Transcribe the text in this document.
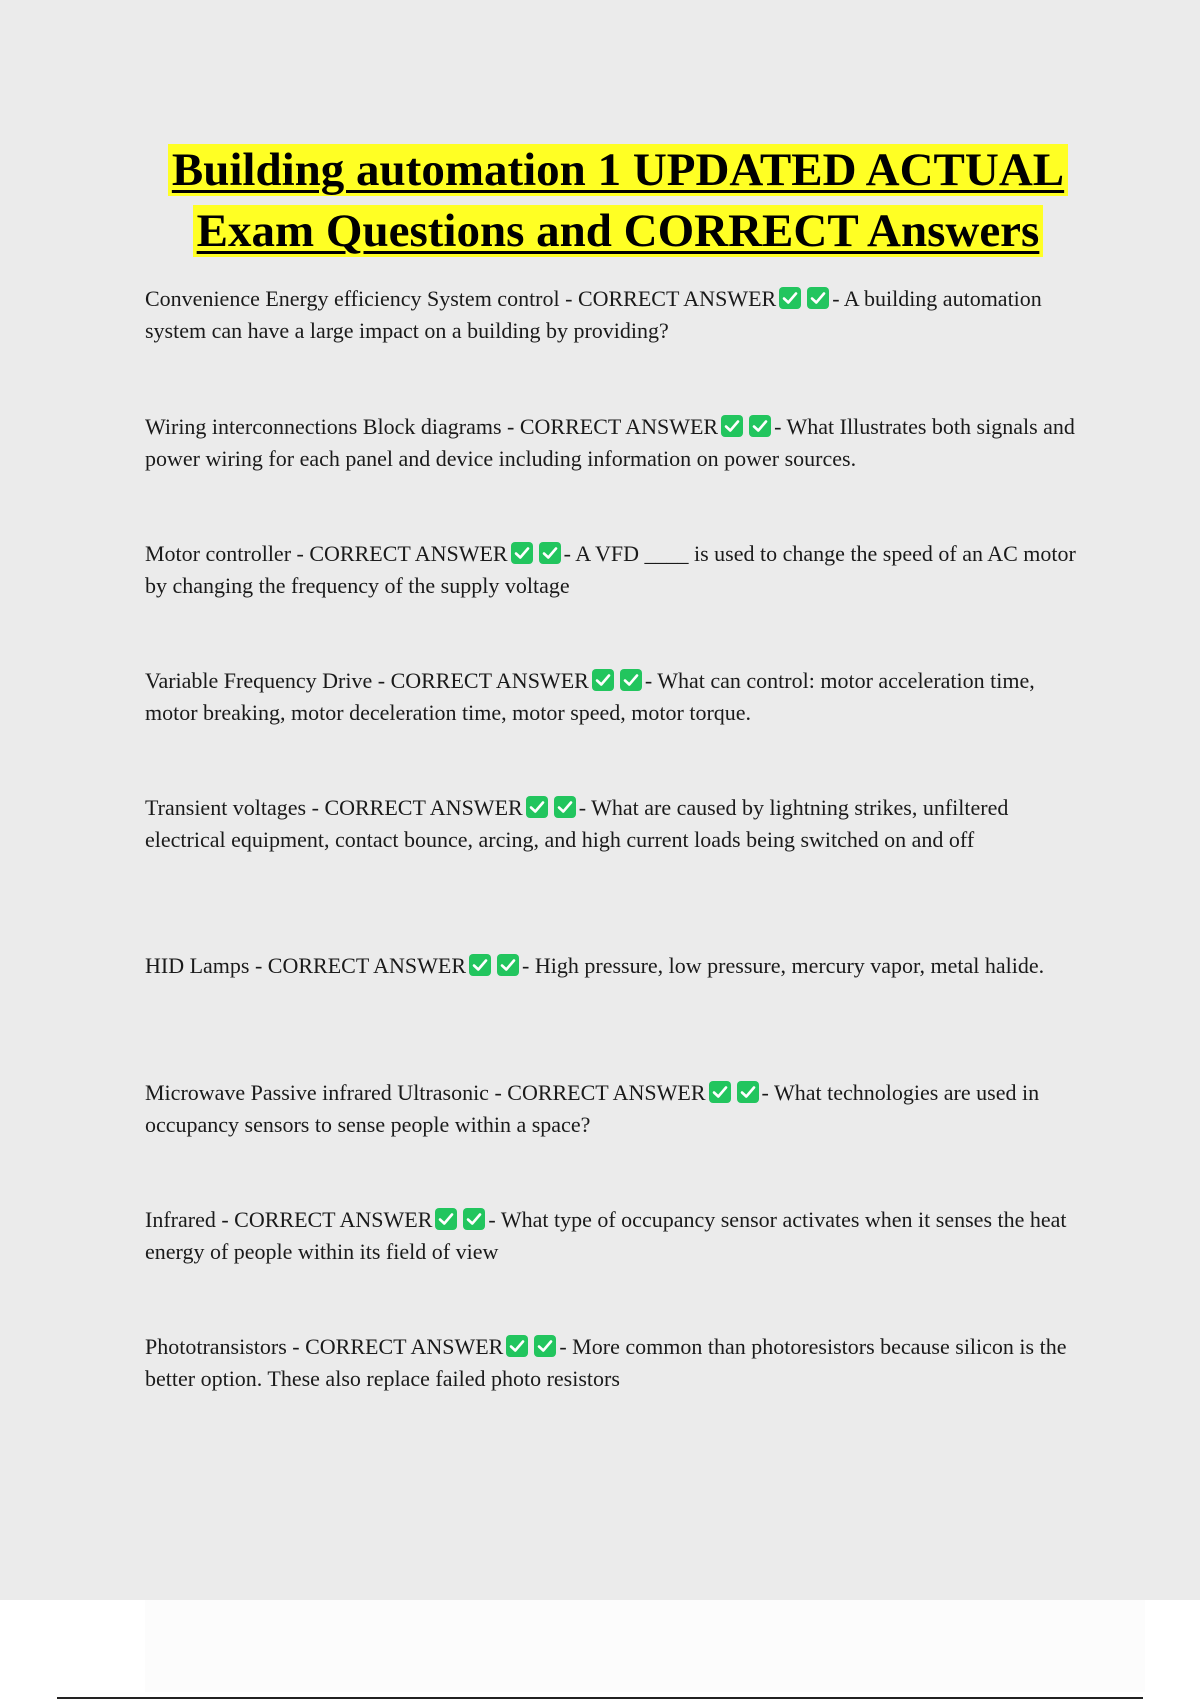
Building automation 1 UPDATED ACTUAL
Exam Questions and CORRECT Answers

Convenience Energy efficiency System control - CORRECT ANSWER	- A building automation system can have a large impact on a building by providing?

Wiring interconnections Block diagrams - CORRECT ANSWER	- What Illustrates both signals and power wiring for each panel and device including information on power sources.

Motor controller - CORRECT ANSWER	- A VFD ____ is used to change the speed of an AC motor by changing the frequency of the supply voltage

Variable Frequency Drive - CORRECT ANSWER	- What can control: motor acceleration time, motor breaking, motor deceleration time, motor speed, motor torque.

Transient voltages - CORRECT ANSWER	- What are caused by lightning strikes, unfiltered electrical equipment, contact bounce, arcing, and high current loads being switched on and off

HID Lamps - CORRECT ANSWER	- High pressure, low pressure, mercury vapor, metal halide.

Microwave Passive infrared Ultrasonic - CORRECT ANSWER	- What technologies are used in occupancy sensors to sense people within a space?

Infrared - CORRECT ANSWER	- What type of occupancy sensor activates when it senses the heat energy of people within its field of view

Phototransistors - CORRECT ANSWER	- More common than photoresistors because silicon is the better option. These also replace failed photo resistors
